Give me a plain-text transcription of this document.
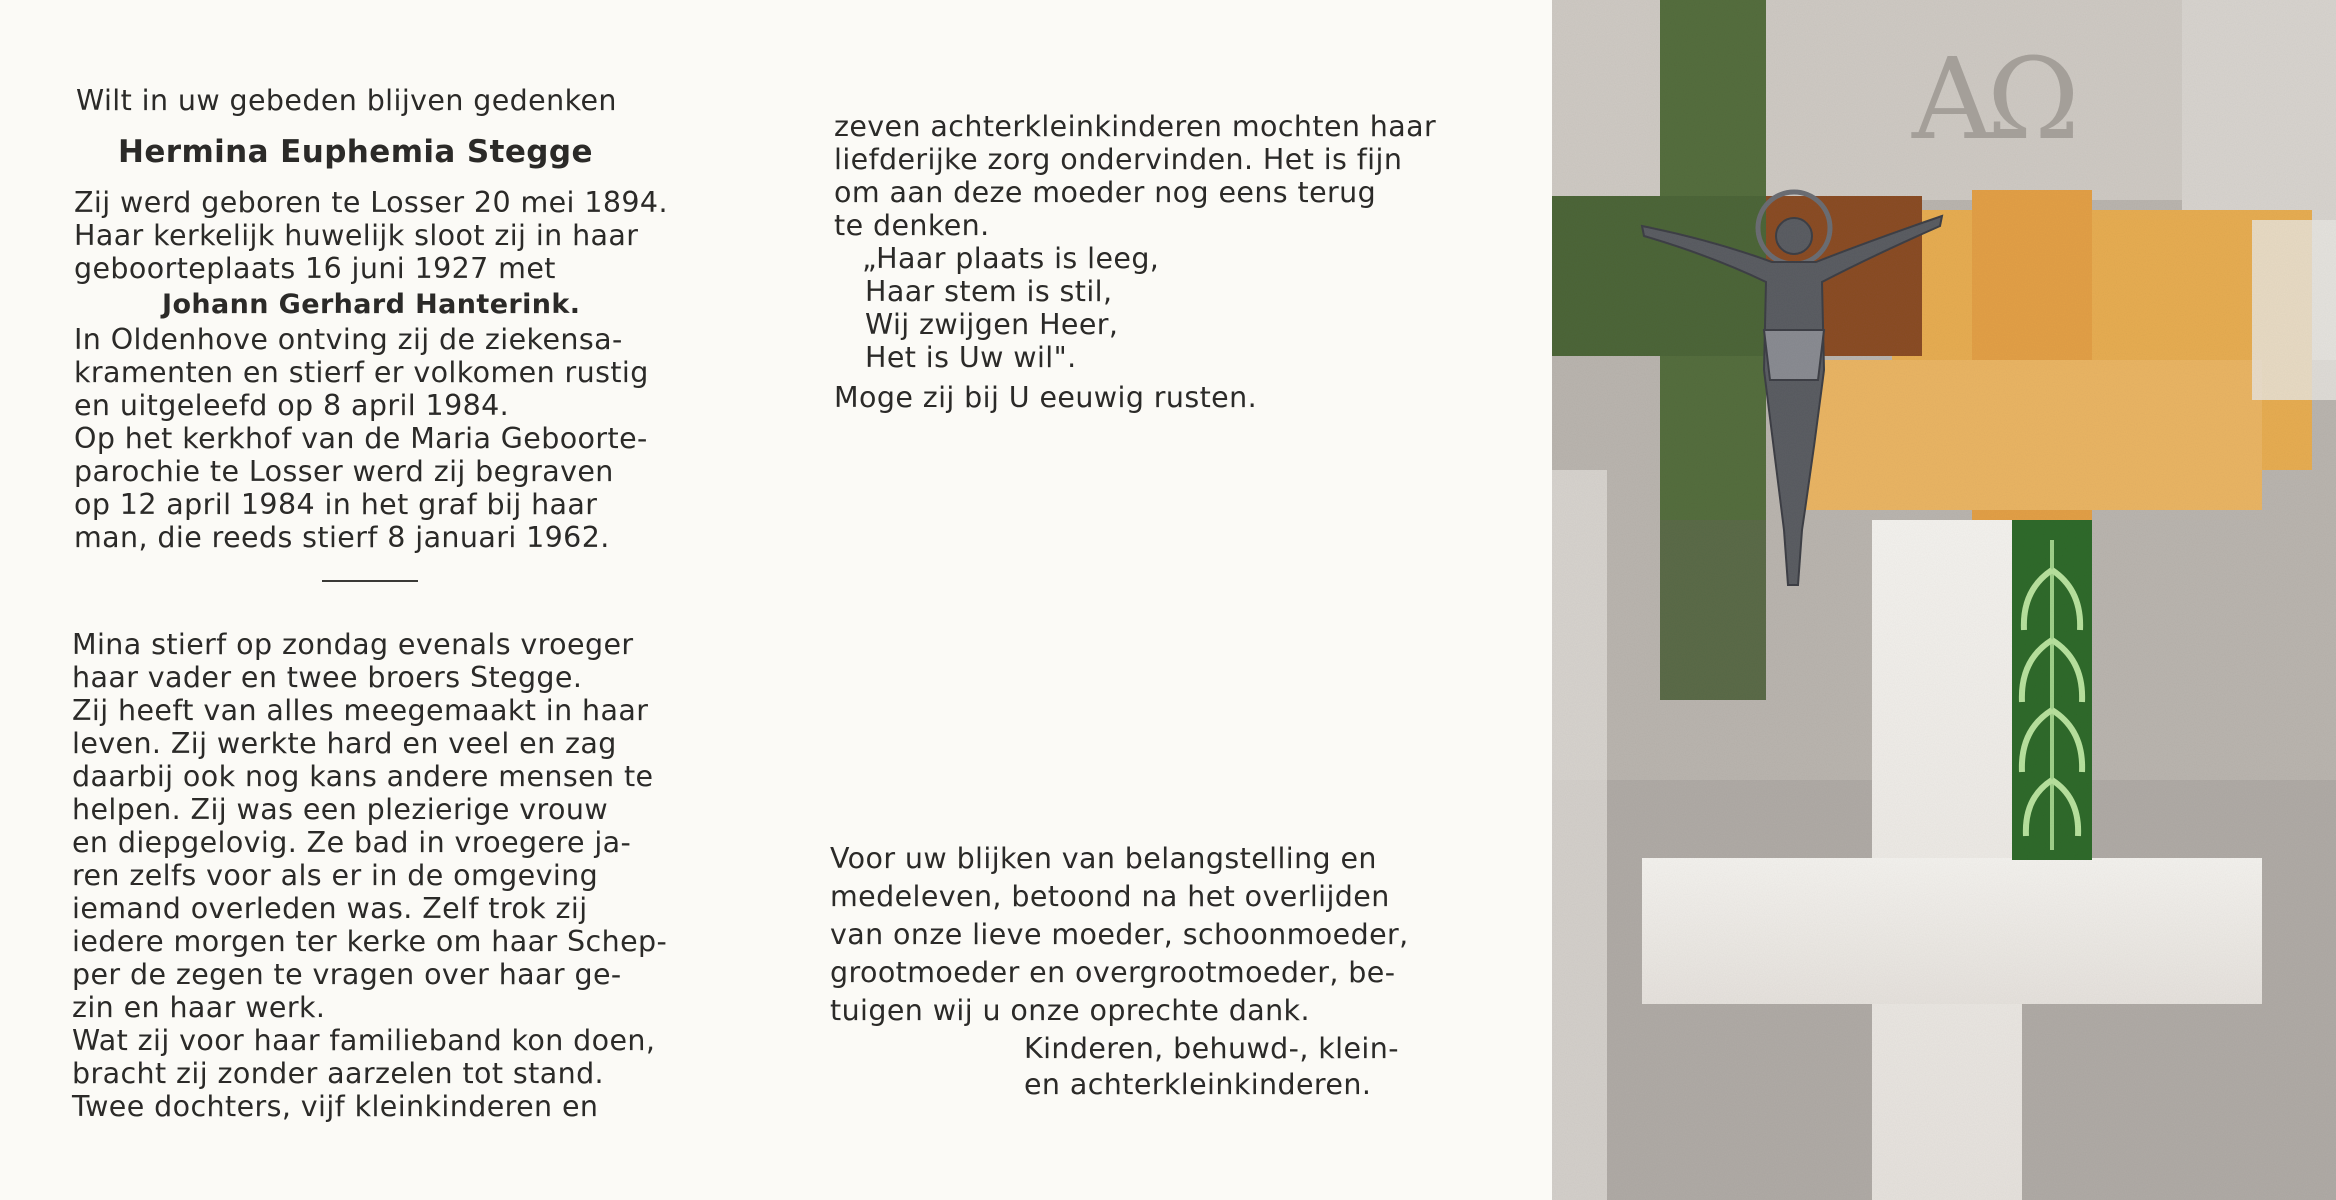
Wilt in uw gebeden blijven gedenken
Hermina Euphemia Stegge
Zij werd geboren te Losser 20 mei 1894.
Haar kerkelijk huwelijk sloot zij in haar
geboorteplaats 16 juni 1927 met
Johann Gerhard Hanterink.
In Oldenhove ontving zij de ziekensa-
kramenten en stierf er volkomen rustig
en uitgeleefd op 8 april 1984.
Op het kerkhof van de Maria Geboorte-
parochie te Losser werd zij begraven
op 12 april 1984 in het graf bij haar
man, die reeds stierf 8 januari 1962.
Mina stierf op zondag evenals vroeger
haar vader en twee broers Stegge.
Zij heeft van alles meegemaakt in haar
leven. Zij werkte hard en veel en zag
daarbij ook nog kans andere mensen te
helpen. Zij was een plezierige vrouw
en diepgelovig. Ze bad in vroegere ja-
ren zelfs voor als er in de omgeving
iemand overleden was. Zelf trok zij
iedere morgen ter kerke om haar Schep-
per de zegen te vragen over haar ge-
zin en haar werk.
Wat zij voor haar familieband kon doen,
bracht zij zonder aarzelen tot stand.
Twee dochters, vijf kleinkinderen en
zeven achterkleinkinderen mochten haar
liefderijke zorg ondervinden. Het is fijn
om aan deze moeder nog eens terug
te denken.
„Haar plaats is leeg,
Haar stem is stil,
Wij zwijgen Heer,
Het is Uw wil".
Moge zij bij U eeuwig rusten.
Voor uw blijken van belangstelling en
medeleven, betoond na het overlijden
van onze lieve moeder, schoonmoeder,
grootmoeder en overgrootmoeder, be-
tuigen wij u onze oprechte dank.
Kinderen, behuwd-, klein-
en achterkleinkinderen.
AΩ
